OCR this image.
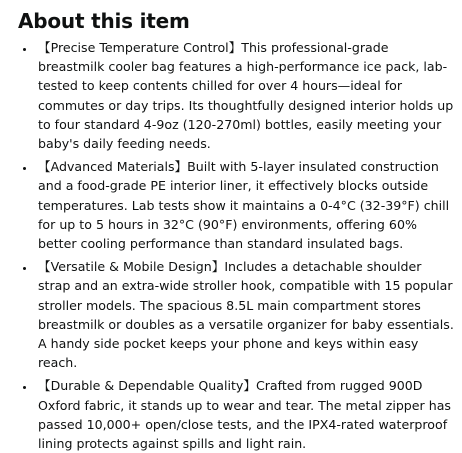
About this item
• 【Precise Temperature Control】This professional-grade breastmilk cooler bag features a high-performance ice pack, lab-tested to keep contents chilled for over 4 hours—ideal for commutes or day trips. Its thoughtfully designed interior holds up to four standard 4-9oz (120-270ml) bottles, easily meeting your baby's daily feeding needs.
• 【Advanced Materials】Built with 5-layer insulated construction and a food-grade PE interior liner, it effectively blocks outside temperatures. Lab tests show it maintains a 0-4°C (32-39°F) chill for up to 5 hours in 32°C (90°F) environments, offering 60% better cooling performance than standard insulated bags.
• 【Versatile & Mobile Design】Includes a detachable shoulder strap and an extra-wide stroller hook, compatible with 15 popular stroller models. The spacious 8.5L main compartment stores breastmilk or doubles as a versatile organizer for baby essentials. A handy side pocket keeps your phone and keys within easy reach.
• 【Durable & Dependable Quality】Crafted from rugged 900D Oxford fabric, it stands up to wear and tear. The metal zipper has passed 10,000+ open/close tests, and the IPX4-rated waterproof lining protects against spills and light rain.
